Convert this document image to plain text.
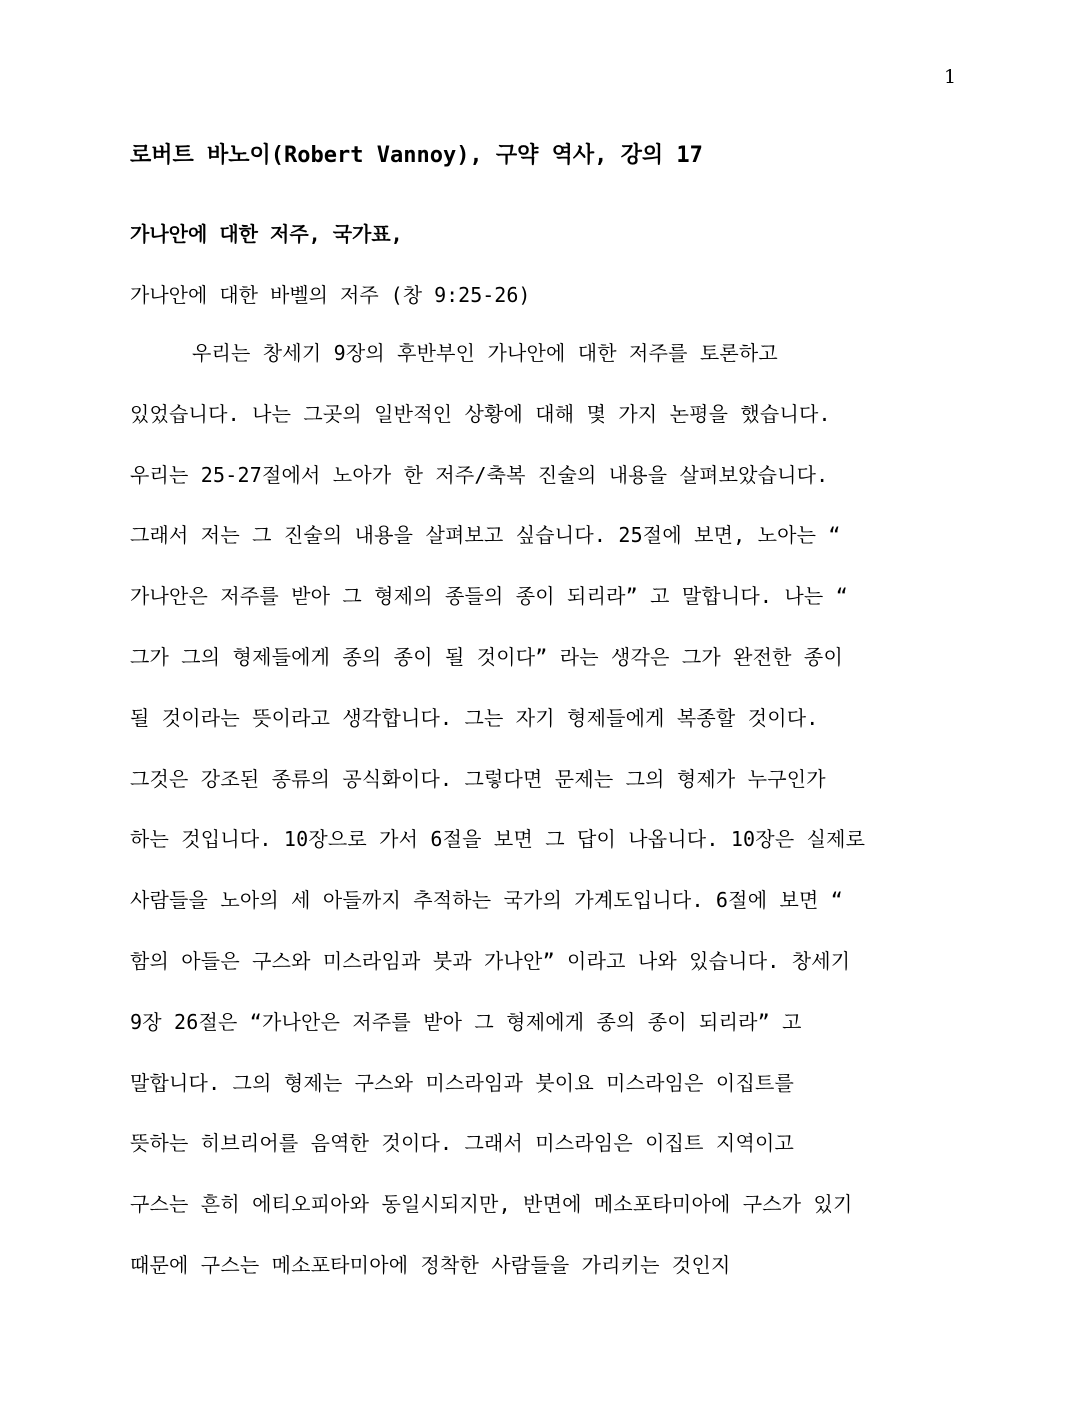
1
로버트 바노이(Robert Vannoy), 구약 역사, 강의 17
가나안에 대한 저주, 국가표,
가나안에 대한 바벨의 저주 (창 9:25-26)
우리는 창세기 9장의 후반부인 가나안에 대한 저주를 토론하고
있었습니다. 나는 그곳의 일반적인 상황에 대해 몇 가지 논평을 했습니다.
우리는 25-27절에서 노아가 한 저주/축복 진술의 내용을 살펴보았습니다.
그래서 저는 그 진술의 내용을 살펴보고 싶습니다. 25절에 보면, 노아는 “
가나안은 저주를 받아 그 형제의 종들의 종이 되리라” 고 말합니다. 나는 “
그가 그의 형제들에게 종의 종이 될 것이다” 라는 생각은 그가 완전한 종이
될 것이라는 뜻이라고 생각합니다. 그는 자기 형제들에게 복종할 것이다.
그것은 강조된 종류의 공식화이다. 그렇다면 문제는 그의 형제가 누구인가
하는 것입니다. 10장으로 가서 6절을 보면 그 답이 나옵니다. 10장은 실제로
사람들을 노아의 세 아들까지 추적하는 국가의 가계도입니다. 6절에 보면 “
함의 아들은 구스와 미스라임과 붓과 가나안” 이라고 나와 있습니다. 창세기
9장 26절은 “가나안은 저주를 받아 그 형제에게 종의 종이 되리라” 고
말합니다. 그의 형제는 구스와 미스라임과 붓이요 미스라임은 이집트를
뜻하는 히브리어를 음역한 것이다. 그래서 미스라임은 이집트 지역이고
구스는 흔히 에티오피아와 동일시되지만, 반면에 메소포타미아에 구스가 있기
때문에 구스는 메소포타미아에 정착한 사람들을 가리키는 것인지
